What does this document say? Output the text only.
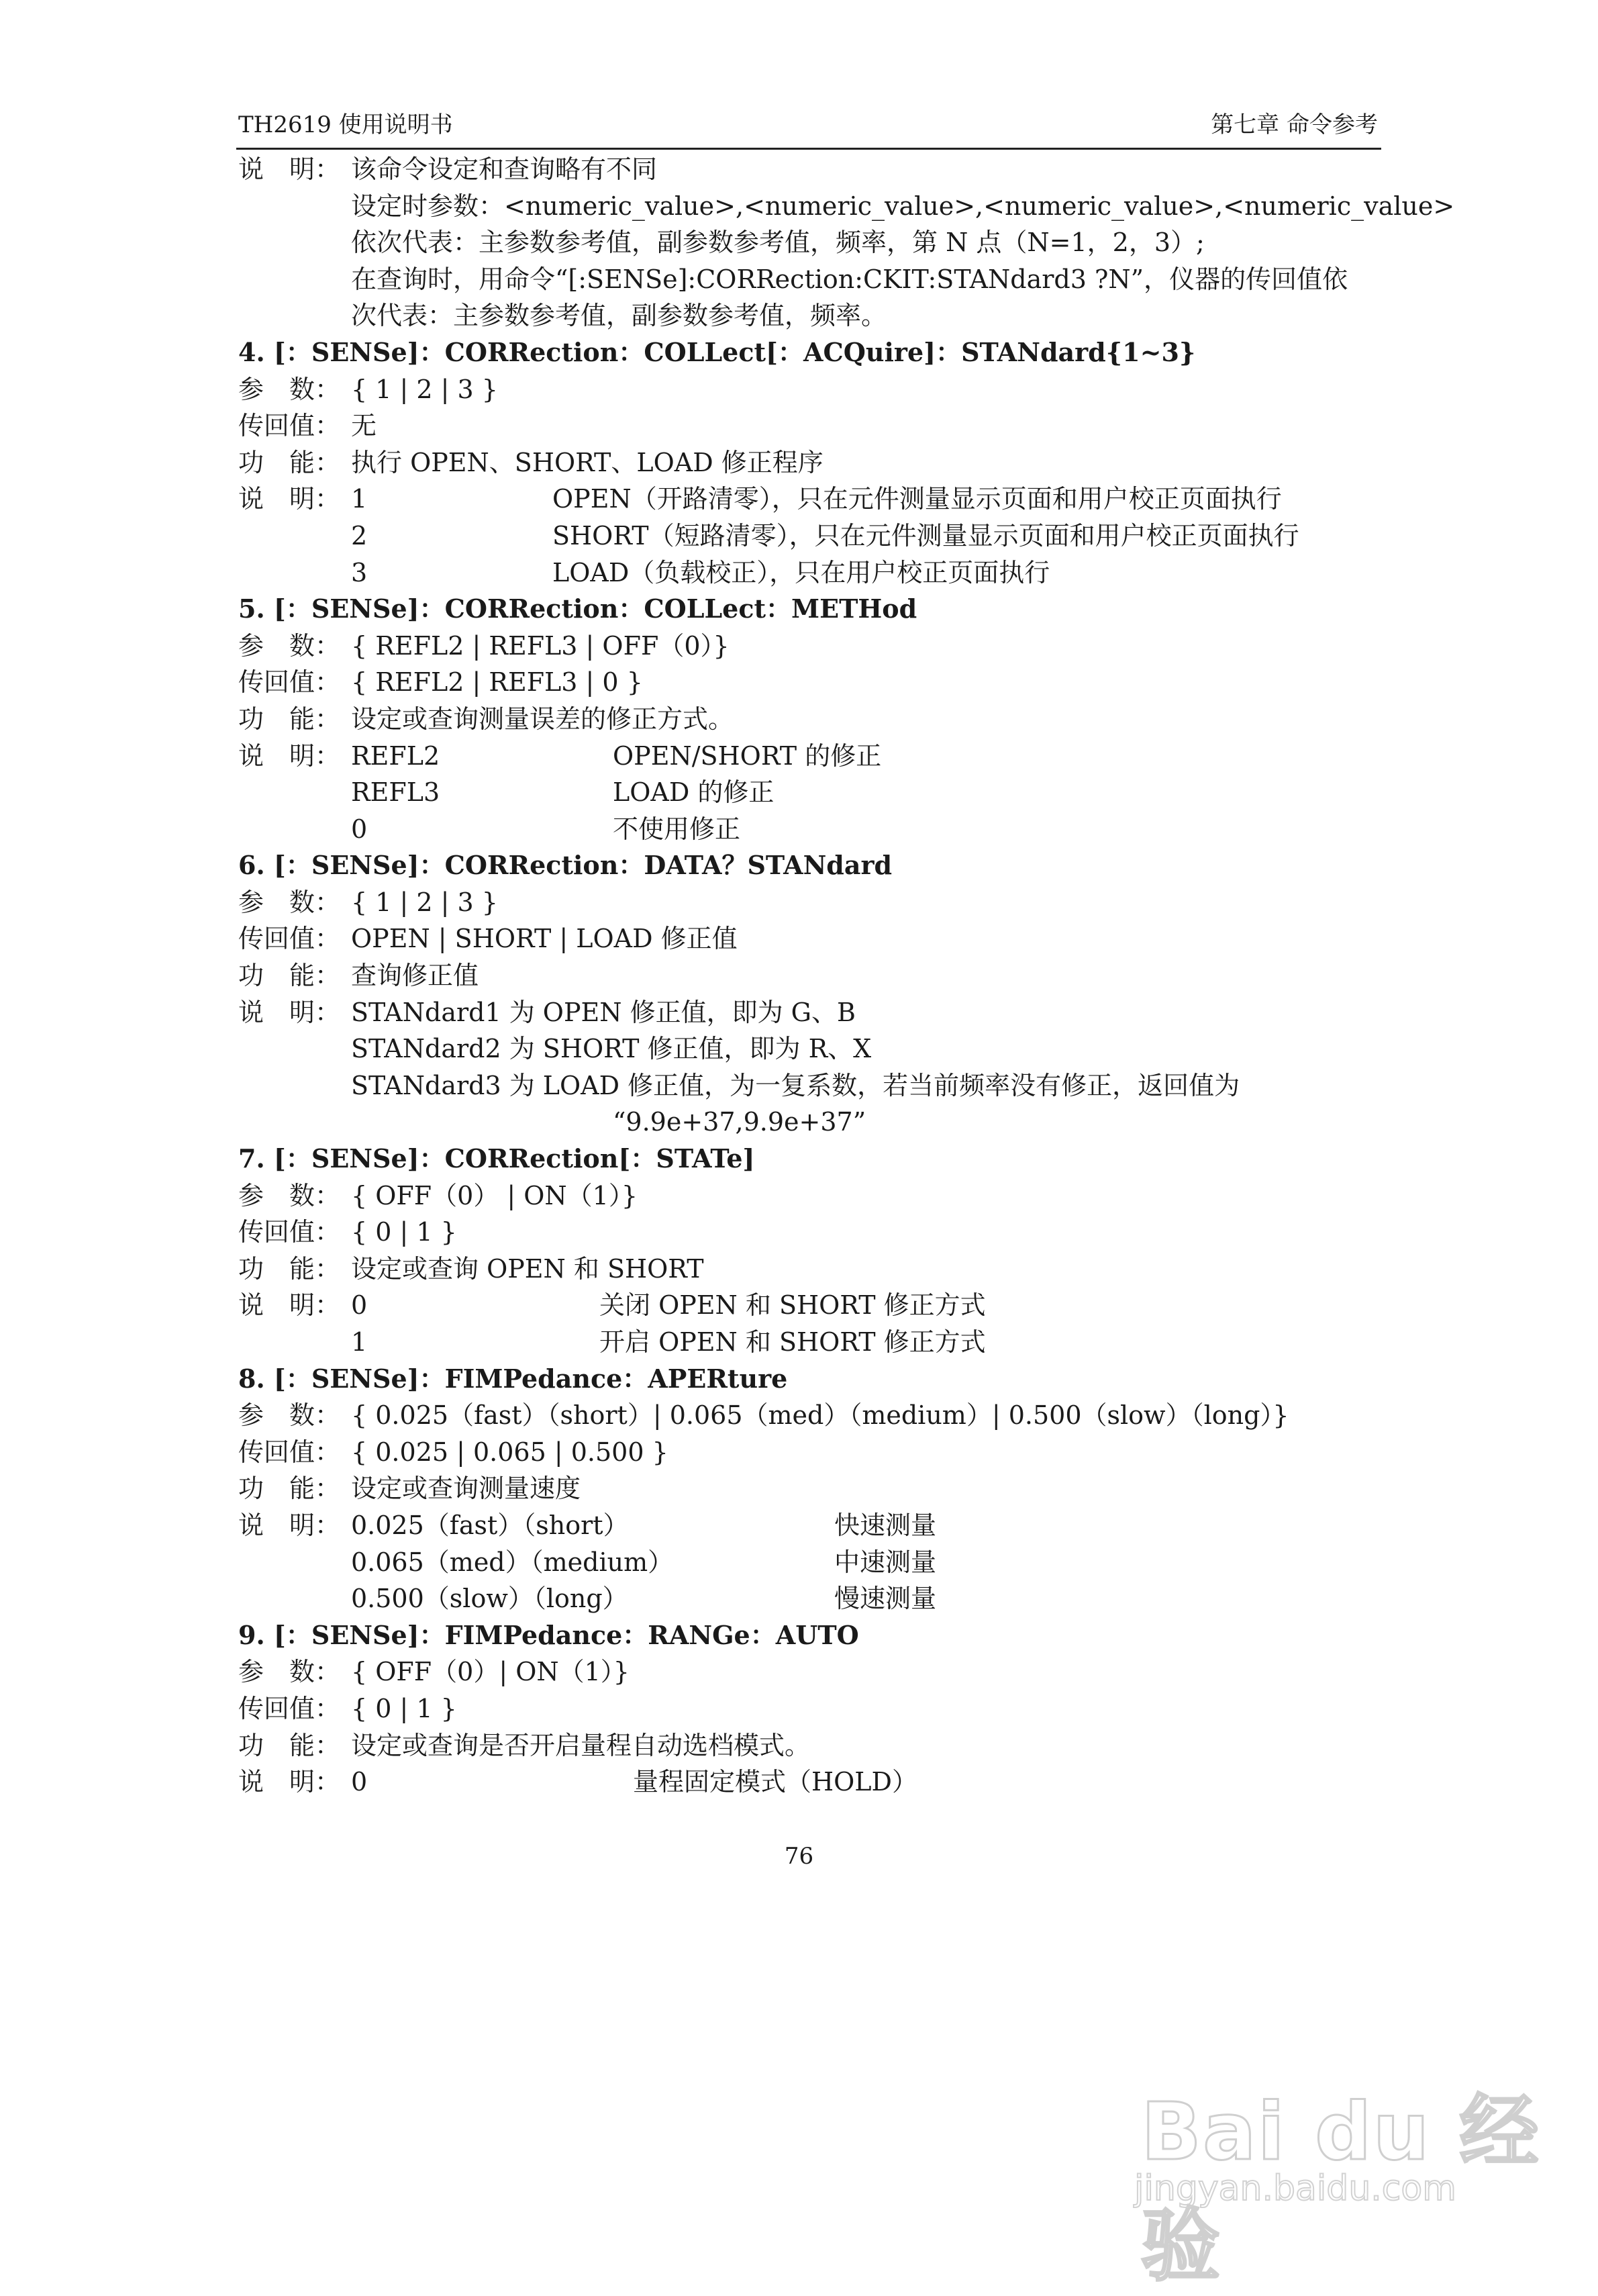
TH2619 使用说明书	第七章 命令参考
说　明： 该命令设定和查询略有不同
设定时参数：<numeric_value>,<numeric_value>,<numeric_value>,<numeric_value>
依次代表：主参数参考值，副参数参考值，频率，第 N 点（N=1，2，3）;
在查询时，用命令“[:SENSe]:CORRection:CKIT:STANdard3 ?N”，仪器的传回值依
次代表：主参数参考值，副参数参考值，频率。
4. [：SENSe]：CORRection：COLLect[：ACQuire]：STANdard{1~3}
参　数： { 1 | 2 | 3 }
传回值： 无
功　能： 执行 OPEN、SHORT、LOAD 修正程序
说　明： 1	OPEN（开路清零），只在元件测量显示页面和用户校正页面执行
2	SHORT（短路清零），只在元件测量显示页面和用户校正页面执行
3	LOAD（负载校正），只在用户校正页面执行
5. [：SENSe]：CORRection：COLLect：METHod
参　数： { REFL2 | REFL3 | OFF（0）}
传回值： { REFL2 | REFL3 | 0 }
功　能： 设定或查询测量误差的修正方式。
说　明： REFL2	OPEN/SHORT 的修正
REFL3	LOAD 的修正
0	不使用修正
6. [：SENSe]：CORRection：DATA？STANdard
参　数： { 1 | 2 | 3 }
传回值： OPEN | SHORT | LOAD 修正值
功　能： 查询修正值
说　明： STANdard1 为 OPEN 修正值，即为 G、B
STANdard2 为 SHORT 修正值，即为 R、X
STANdard3 为 LOAD 修正值，为一复系数，若当前频率没有修正，返回值为
“9.9e+37,9.9e+37”
7. [：SENSe]：CORRection[：STATe]
参　数： { OFF（0） | ON（1）}
传回值： { 0 | 1 }
功　能： 设定或查询 OPEN 和 SHORT
说　明： 0	关闭 OPEN 和 SHORT 修正方式
1	开启 OPEN 和 SHORT 修正方式
8. [：SENSe]：FIMPedance：APERture
参　数： { 0.025（fast）（short）| 0.065（med）（medium）| 0.500（slow）（long）}
传回值： { 0.025 | 0.065 | 0.500 }
功　能： 设定或查询测量速度
说　明： 0.025（fast）（short）	快速测量
0.065（med）（medium）	中速测量
0.500（slow）（long）	慢速测量
9. [：SENSe]：FIMPedance：RANGe：AUTO
参　数： { OFF（0）| ON（1）}
传回值： { 0 | 1 }
功　能： 设定或查询是否开启量程自动选档模式。
说　明： 0	量程固定模式（HOLD）
76
Bai du 经验
jingyan.baidu.com
